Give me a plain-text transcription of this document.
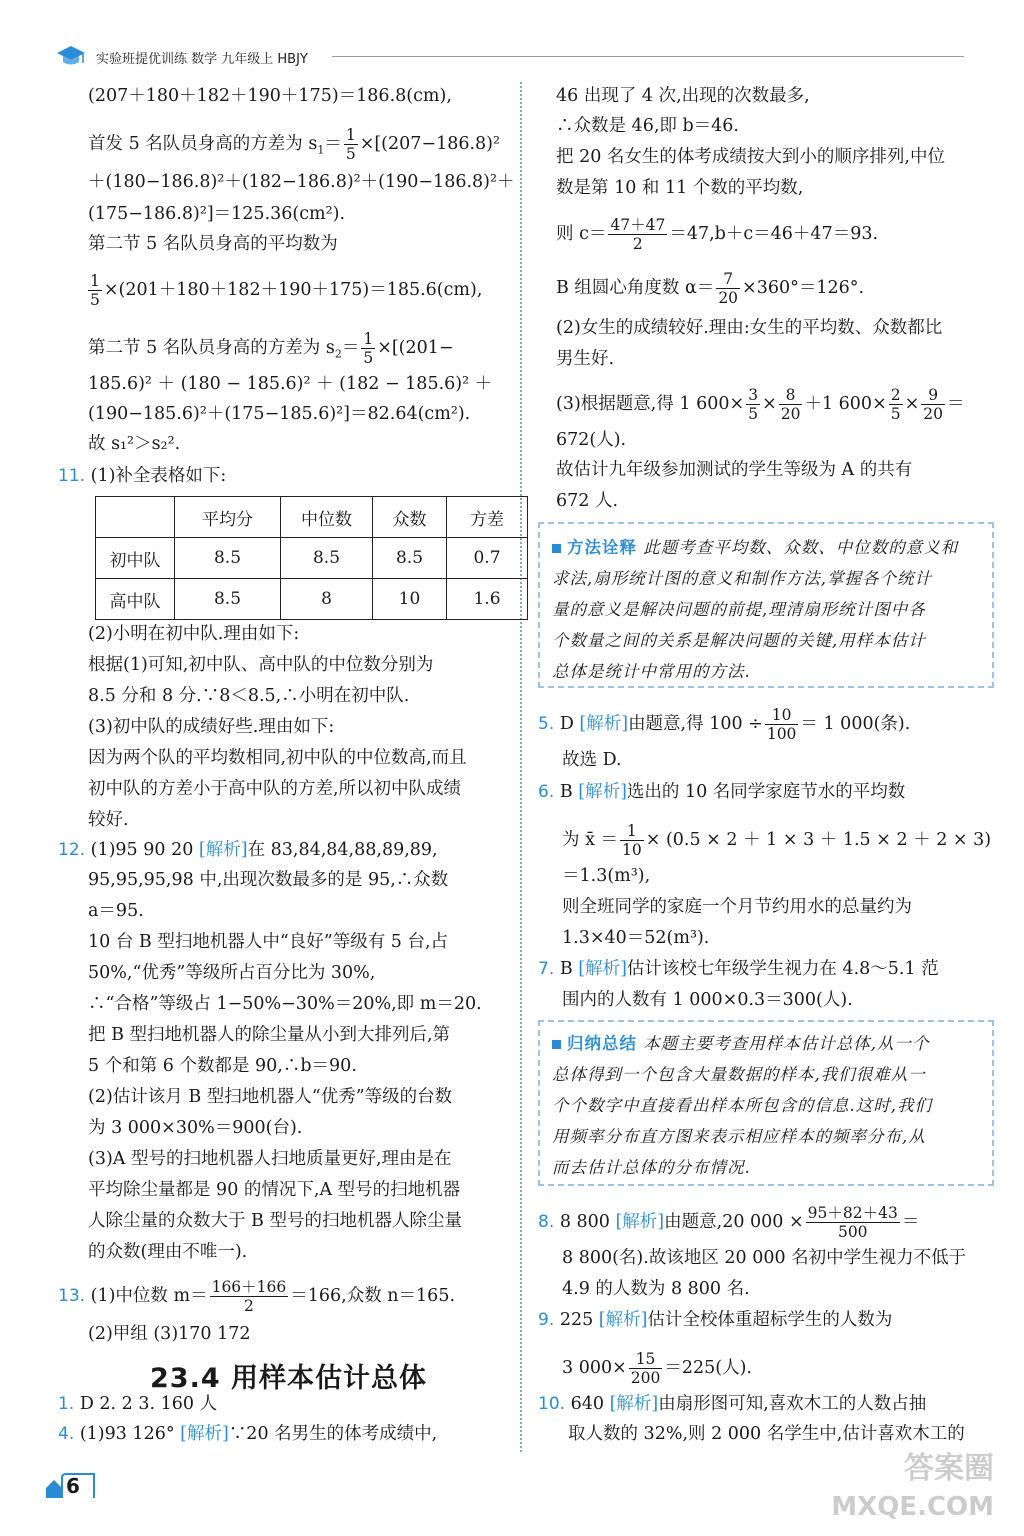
实验班提优训练 数学 九年级上 HBJY
(207＋180＋182＋190＋175)＝186.8(cm),
首发 5 名队员身高的方差为 $s_1= \frac{1}{5} \times[(207-186.8)^2$
＋(180−186.8)²＋(182−186.8)²＋(190−186.8)²＋
(175−186.8)²]＝125.36(cm²).
第二节 5 名队员身高的平均数为
$\frac{1}{5} \times(201+180+182+190+175)=185.6(cm)$,
第二节 5 名队员身高的方差为 $s_2= \frac{1}{5} \times[(201-$
185.6)² ＋ (180 − 185.6)² ＋ (182 − 185.6)² ＋
(190−185.6)²＋(175−185.6)²]＝82.64(cm²).
故 s₁²＞s₂².
11. (1)补全表格如下:
	平均分	中位数	众数	方差
初中队	8.5	8.5	8.5	0.7
高中队	8.5	8	10	1.6
(2)小明在初中队.理由如下:
根据(1)可知,初中队、高中队的中位数分别为
8.5 分和 8 分.∵8＜8.5,∴小明在初中队.
(3)初中队的成绩好些.理由如下:
因为两个队的平均数相同,初中队的中位数高,而且
初中队的方差小于高中队的方差,所以初中队成绩
较好.
12. (1)95 90 20 [解析]在 83,84,84,88,89,89,
95,95,95,98 中,出现次数最多的是 95,∴众数
a＝95.
10 台 B 型扫地机器人中“良好”等级有 5 台,占
50%,“优秀”等级所占百分比为 30%,
∴“合格”等级占 1−50%−30%＝20%,即 m＝20.
把 B 型扫地机器人的除尘量从小到大排列后,第
5 个和第 6 个数都是 90,∴b＝90.
(2)估计该月 B 型扫地机器人“优秀”等级的台数
为 3 000×30%＝900(台).
(3)A 型号的扫地机器人扫地质量更好,理由是在
平均除尘量都是 90 的情况下,A 型号的扫地机器
人除尘量的众数大于 B 型号的扫地机器人除尘量
的众数(理由不唯一).
13. (1)中位数 $m= \frac{166+166}{2} =166$,众数 n＝165.
(2)甲组 (3)170 172
23.4 用样本估计总体
1. D 2. 2 3. 160 人
4. (1)93 126° [解析]∵20 名男生的体考成绩中,
46 出现了 4 次,出现的次数最多,
∴众数是 46,即 b＝46.
把 20 名女生的体考成绩按大到小的顺序排列,中位
数是第 10 和 11 个数的平均数,
则 $c= \frac{47+47}{2} =47,b+c=46+47=93$.
B 组圆心角度数 $\alpha= \frac{7}{20} \times 360^\circ=126^\circ$.
(2)女生的成绩较好.理由:女生的平均数、众数都比
男生好.
(3)根据题意,得 1 $600\times \frac{3}{5} \times \frac{8}{20} +1$ $600\times \frac{2}{5} \times \frac{9}{20}$ ＝
672(人).
故估计九年级参加测试的学生等级为 A 的共有
672 人.
方法诠释 此题考查平均数、众数、中位数的意义和
求法,扇形统计图的意义和制作方法,掌握各个统计
量的意义是解决问题的前提,理清扇形统计图中各
个数量之间的关系是解决问题的关键,用样本估计
总体是统计中常用的方法.
5. D [解析]由题意,得 $100 \div \frac{10}{100} = 1$ 000(条).
故选 D.
6. B [解析]选出的 10 名同学家庭节水的平均数
为 x̄ ＝ $\frac{1}{10} \times (0.5 \times 2 + 1 \times 3 + 1.5 \times 2 + 2 \times 3)$
＝1.3(m³),
则全班同学的家庭一个月节约用水的总量约为
1.3×40＝52(m³).
7. B [解析]估计该校七年级学生视力在 4.8～5.1 范
围内的人数有 1 000×0.3＝300(人).
归纳总结 本题主要考查用样本估计总体,从一个
总体得到一个包含大量数据的样本,我们很难从一
个个数字中直接看出样本所包含的信息.这时,我们
用频率分布直方图来表示相应样本的频率分布,从
而去估计总体的分布情况.
8. 8 800 [解析]由题意,20 $000 \times \frac{95+82+43}{500}$ ＝
8 800(名).故该地区 20 000 名初中学生视力不低于
4.9 的人数为 8 800 名.
9. 225 [解析]估计全校体重超标学生的人数为
3 $000\times \frac{15}{200} =225$(人).
10. 640 [解析]由扇形图可知,喜欢木工的人数占抽
取人数的 32%,则 2 000 名学生中,估计喜欢木工的
6	答案圈
MXQE.COM
